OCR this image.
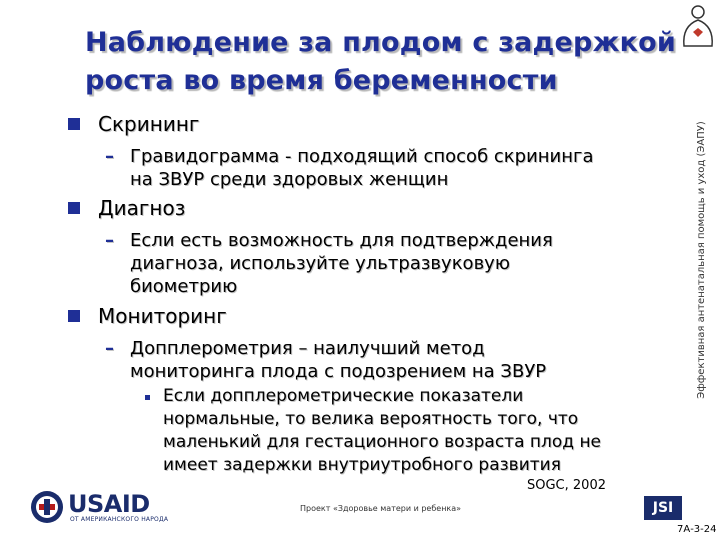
Наблюдение за плодом с задержкой
роста во время беременности
Скрининг
– Гравидограмма - подходящий способ скрининга
на ЗВУР среди здоровых женщин
Диагноз
– Если есть возможность для подтверждения
диагноза, используйте ультразвуковую
биометрию
Мониторинг
– Допплерометрия – наилучший метод
мониторинга плода с подозрением на ЗВУР
Если допплерометрические показатели
нормальные, то велика вероятность того, что
маленький для гестационного возраста плод не
имеет задержки внутриутробного развития
SOGC, 2002
Эффективная антенатальная помощь и уход (ЭАПУ)
USAID
ОТ АМЕРИКАНСКОГО НАРОДА
Проект «Здоровье матери и ребенка»	JSI
7А-3-24
